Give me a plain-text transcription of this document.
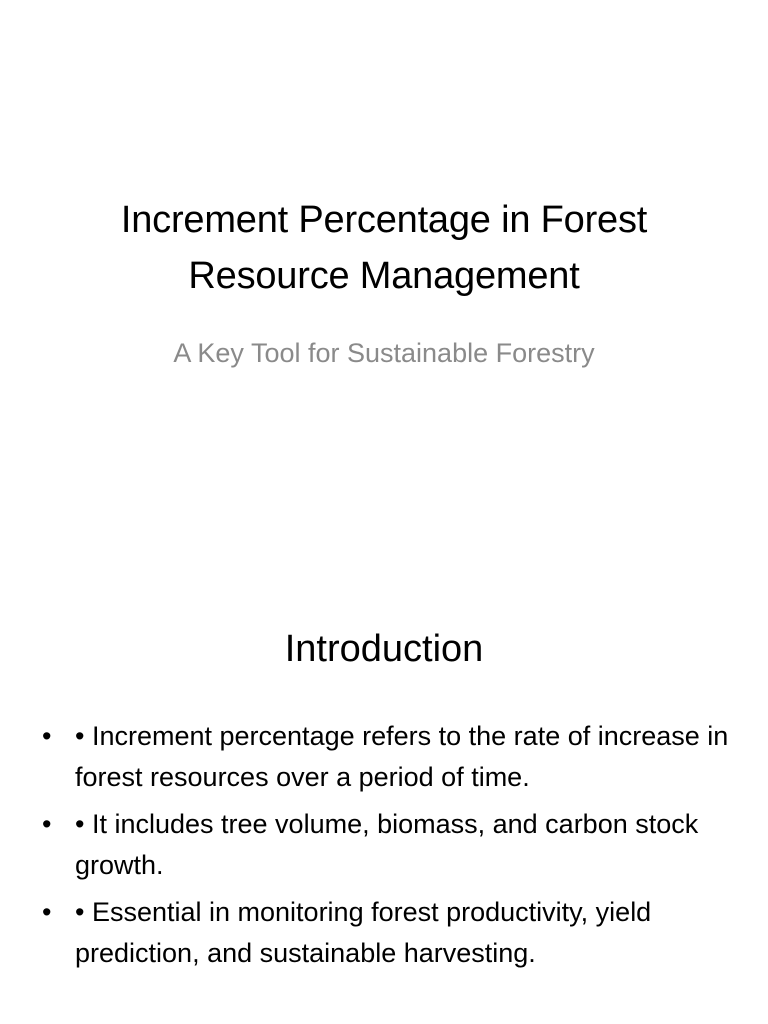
Increment Percentage in Forest
Resource Management
A Key Tool for Sustainable Forestry
Introduction
• • Increment percentage refers to the rate of increase in forest resources over a period of time.
• • It includes tree volume, biomass, and carbon stock growth.
• • Essential in monitoring forest productivity, yield prediction, and sustainable harvesting.
